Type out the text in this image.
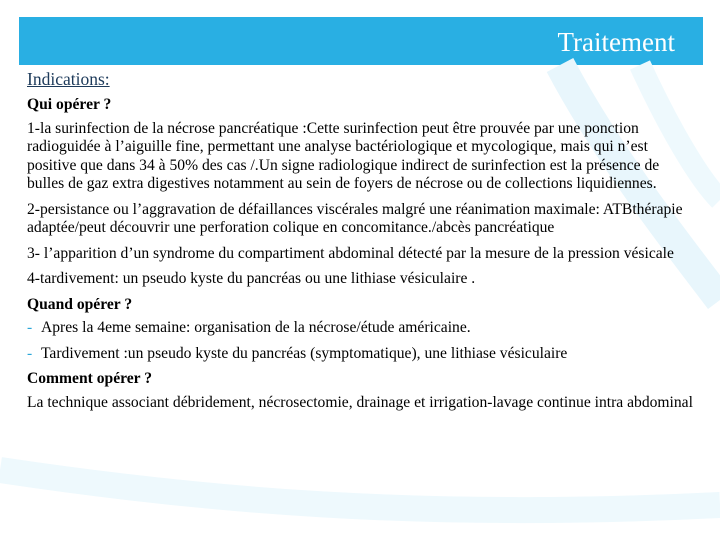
Traitement
Indications:
Qui opérer ?
1-la surinfection de la nécrose pancréatique :Cette surinfection peut être prouvée par une ponction radioguidée à l’aiguille fine, permettant une analyse bactériologique et mycologique, mais qui n’est positive que dans 34 à 50% des cas /.Un signe radiologique indirect de surinfection est la présence de bulles de gaz extra digestives notamment au sein de foyers de nécrose ou de collections liquidiennes.
2-persistance ou l’aggravation de défaillances viscérales malgré une réanimation maximale: ATBthérapie adaptée/peut découvrir une perforation colique en concomitance./abcès pancréatique
3- l’apparition d’un syndrome du compartiment abdominal détecté par la mesure de la pression vésicale
4-tardivement: un pseudo kyste du pancréas ou une lithiase vésiculaire .
Quand opérer ?
- Apres la 4eme semaine: organisation de la nécrose/étude américaine.
- Tardivement :un pseudo kyste du pancréas (symptomatique), une lithiase vésiculaire
Comment opérer ?
La technique associant débridement, nécrosectomie, drainage et irrigation-lavage continue intra abdominal
